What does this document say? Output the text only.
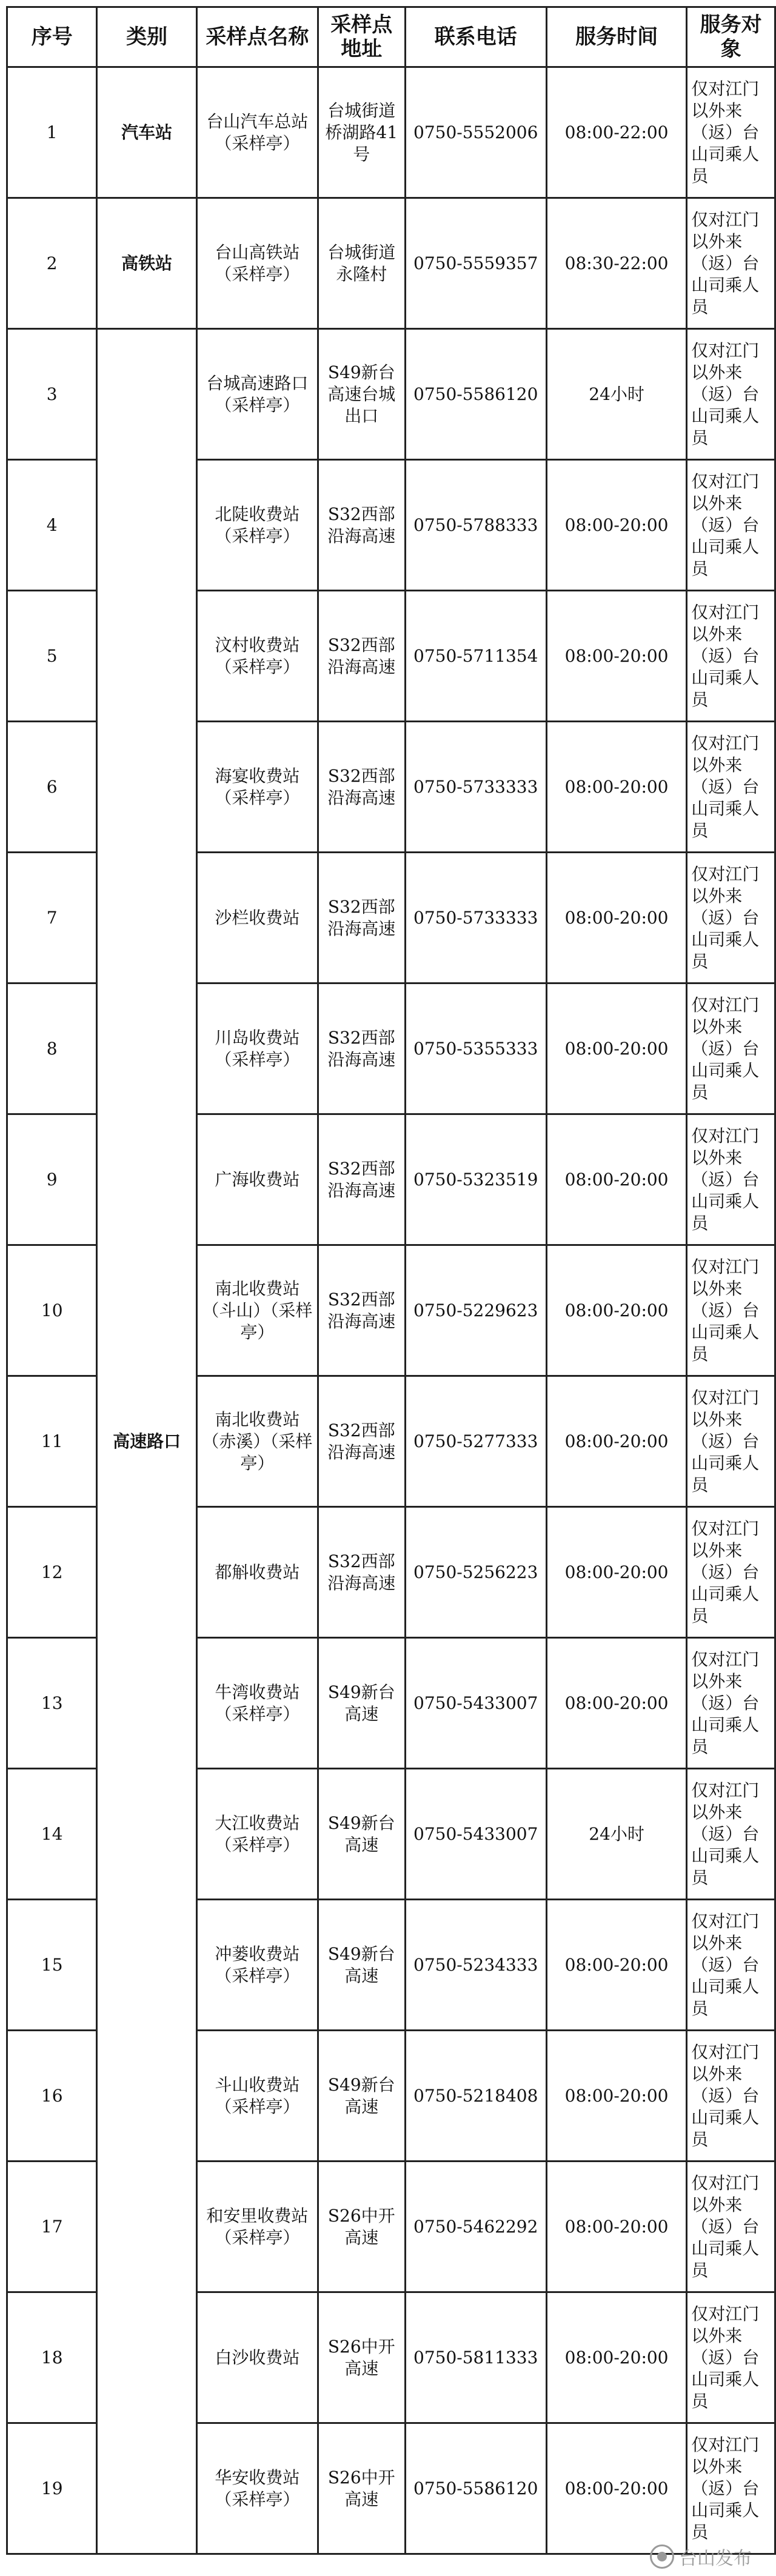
序号	类别	采样点名称	采样点地址	联系电话	服务时间	服务对象
1	汽车站	台山汽车总站（采样亭）	台城街道桥湖路41号	0750-5552006	08:00-22:00	仅对江门以外来（返）台山司乘人员
2	高铁站	台山高铁站（采样亭）	台城街道永隆村	0750-5559357	08:30-22:00	仅对江门以外来（返）台山司乘人员
3	高速路口	台城高速路口（采样亭）	S49新台高速台城出口	0750-5586120	24小时	仅对江门以外来（返）台山司乘人员
4		北陡收费站（采样亭）	S32西部沿海高速	0750-5788333	08:00-20:00	仅对江门以外来（返）台山司乘人员
5		汶村收费站（采样亭）	S32西部沿海高速	0750-5711354	08:00-20:00	仅对江门以外来（返）台山司乘人员
6		海宴收费站（采样亭）	S32西部沿海高速	0750-5733333	08:00-20:00	仅对江门以外来（返）台山司乘人员
7		沙栏收费站	S32西部沿海高速	0750-5733333	08:00-20:00	仅对江门以外来（返）台山司乘人员
8		川岛收费站（采样亭）	S32西部沿海高速	0750-5355333	08:00-20:00	仅对江门以外来（返）台山司乘人员
9		广海收费站	S32西部沿海高速	0750-5323519	08:00-20:00	仅对江门以外来（返）台山司乘人员
10		南北收费站（斗山）（采样亭）	S32西部沿海高速	0750-5229623	08:00-20:00	仅对江门以外来（返）台山司乘人员
11		南北收费站（赤溪）（采样亭）	S32西部沿海高速	0750-5277333	08:00-20:00	仅对江门以外来（返）台山司乘人员
12		都斛收费站	S32西部沿海高速	0750-5256223	08:00-20:00	仅对江门以外来（返）台山司乘人员
13		牛湾收费站（采样亭）	S49新台高速	0750-5433007	08:00-20:00	仅对江门以外来（返）台山司乘人员
14		大江收费站（采样亭）	S49新台高速	0750-5433007	24小时	仅对江门以外来（返）台山司乘人员
15		冲蒌收费站（采样亭）	S49新台高速	0750-5234333	08:00-20:00	仅对江门以外来（返）台山司乘人员
16		斗山收费站（采样亭）	S49新台高速	0750-5218408	08:00-20:00	仅对江门以外来（返）台山司乘人员
17		和安里收费站（采样亭）	S26中开高速	0750-5462292	08:00-20:00	仅对江门以外来（返）台山司乘人员
18		白沙收费站	S26中开高速	0750-5811333	08:00-20:00	仅对江门以外来（返）台山司乘人员
19		华安收费站（采样亭）	S26中开高速	0750-5586120	08:00-20:00	仅对江门以外来（返）台山司乘人员
台山发布
